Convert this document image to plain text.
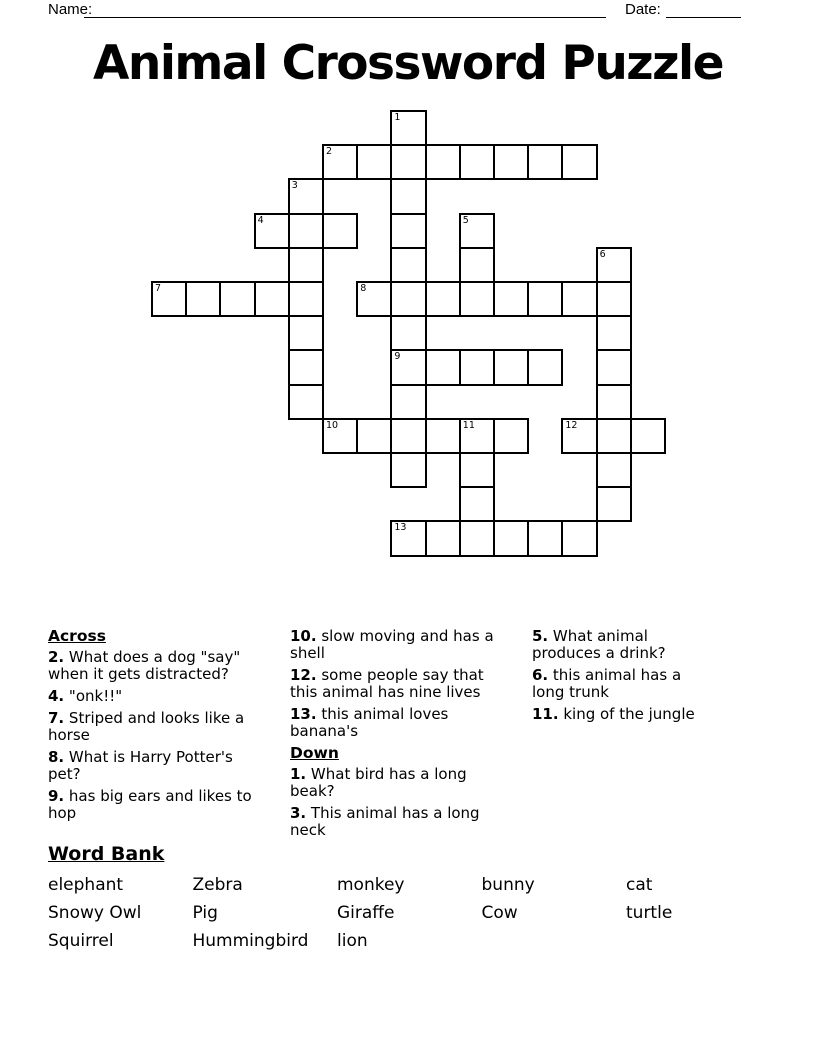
Name:	Date:
Animal Crossword Puzzle
1
2
3
4	5
6
7	8
9
10	11	12
13

Across

2. What does a dog "say" when it gets distracted?

4. "onk!!"

7. Striped and looks like a horse

8. What is Harry Potter's pet?

9. has big ears and likes to hop

10. slow moving and has a shell

12. some people say that this animal has nine lives

13. this animal loves banana's

Down

1. What bird has a long beak?

3. This animal has a long neck

5. What animal produces a drink?

6. this animal has a long trunk

11. king of the jungle

Word Bank

elephant	Zebra	monkey	bunny	cat
Snowy Owl	Pig	Giraffe	Cow	turtle
Squirrel	Hummingbird	lion
